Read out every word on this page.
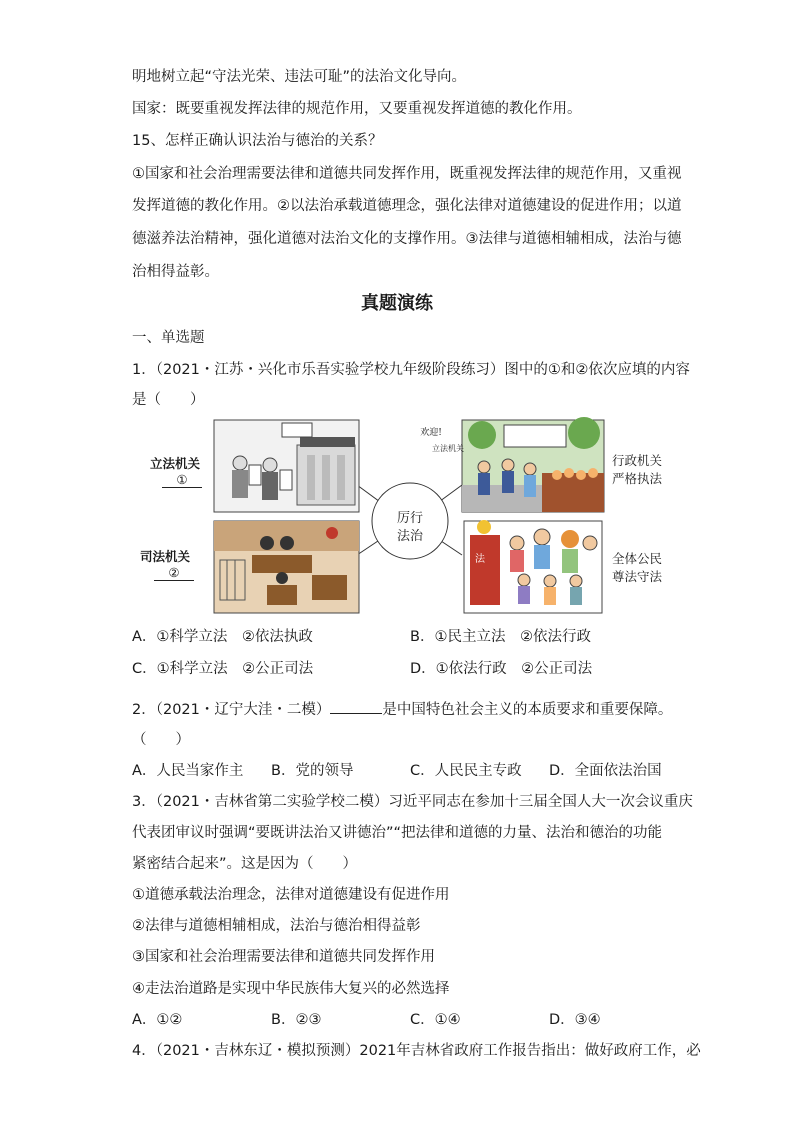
明地树立起“守法光荣、违法可耻”的法治文化导向。
国家：既要重视发挥法律的规范作用，又要重视发挥道德的教化作用。
15、怎样正确认识法治与德治的关系？
①国家和社会治理需要法律和道德共同发挥作用，既重视发挥法律的规范作用，又重视
发挥道德的教化作用。②以法治承载道德理念，强化法律对道德建设的促进作用；以道
德滋养法治精神，强化道德对法治文化的支撑作用。③法律与道德相辅相成，法治与德
治相得益彰。
真题演练
一、单选题
1．（2021・江苏・兴化市乐吾实验学校九年级阶段练习）图中的①和②依次应填的内容
是（　　）
欢迎!
立法机关
法
立法机关
①
司法机关
②
行政机关
严格执法
全体公民
尊法守法
厉行
法治
A．①科学立法　②依法执政	B．①民主立法　②依法行政
C．①科学立法　②公正司法	D．①依法行政　②公正司法
2．（2021・辽宁大洼・二模）	是中国特色社会主义的本质要求和重要保障。
（　　）
A．人民当家作主 B．党的领导	C．人民民主专政 D．全面依法治国
3．（2021・吉林省第二实验学校二模）习近平同志在参加十三届全国人大一次会议重庆
代表团审议时强调“要既讲法治又讲德治”“把法律和道德的力量、法治和德治的功能
紧密结合起来”。这是因为（　　）
①道德承载法治理念，法律对道德建设有促进作用
②法律与道德相辅相成，法治与德治相得益彰
③国家和社会治理需要法律和道德共同发挥作用
④走法治道路是实现中华民族伟大复兴的必然选择
A．①②	B．②③	C．①④	D．③④
4．（2021・吉林东辽・模拟预测）2021年吉林省政府工作报告指出：做好政府工作，必
